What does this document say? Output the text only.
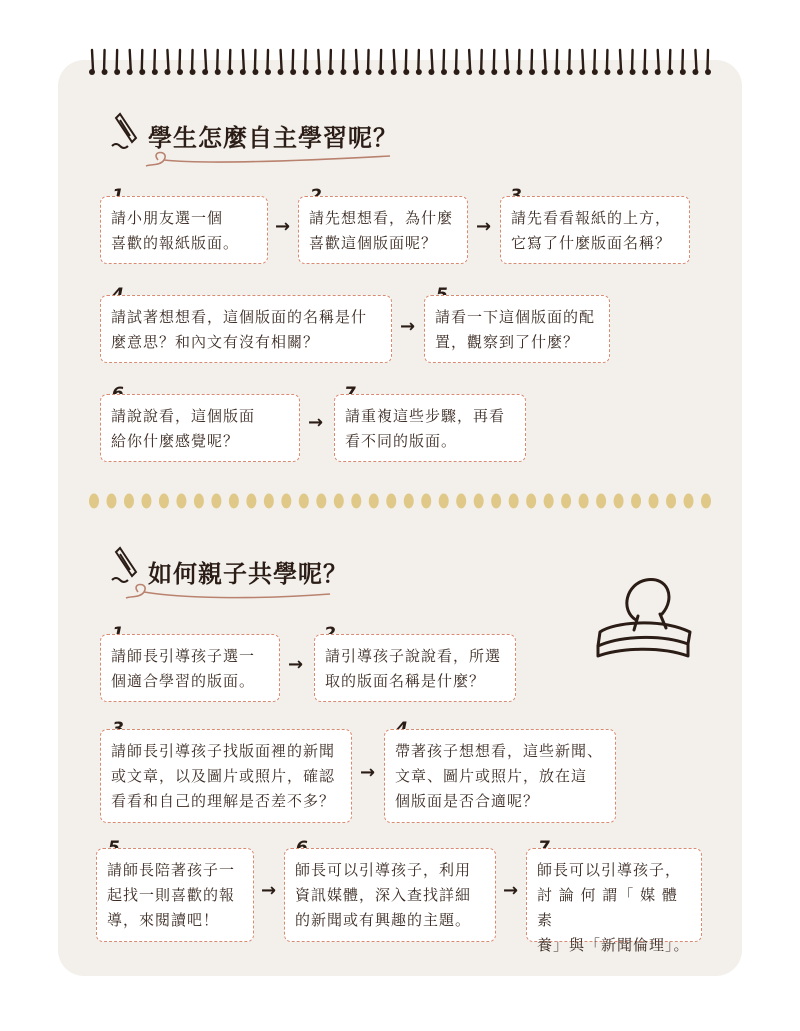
學生怎麼自主學習呢？
請小朋友選一個
喜歡的報紙版面。
→	請先想想看，為什麼
喜歡這個版面呢？
→	請先看看報紙的上方，
它寫了什麼版面名稱？
請試著想想看，這個版面的名稱是什
麼意思？和內文有沒有相關？
→	請看一下這個版面的配
置，觀察到了什麼？
請說說看，這個版面
給你什麼感覺呢？
→	請重複這些步驟，再看
看不同的版面。
如何親子共學呢？
請師長引導孩子選一
個適合學習的版面。
→	請引導孩子說說看，所選
取的版面名稱是什麼？
請師長引導孩子找版面裡的新聞
或文章，以及圖片或照片，確認
看看和自己的理解是否差不多？
→
帶著孩子想想看，這些新聞、
文章、圖片或照片，放在這
個版面是否合適呢？
請師長陪著孩子一
起找一則喜歡的報
導，來閱讀吧！
→
師長可以引導孩子，利用
資訊媒體，深入查找詳細
的新聞或有興趣的主題。
→
師長可以引導孩子，
討 論 何 謂「 媒 體 素
養」與「新聞倫理」。
